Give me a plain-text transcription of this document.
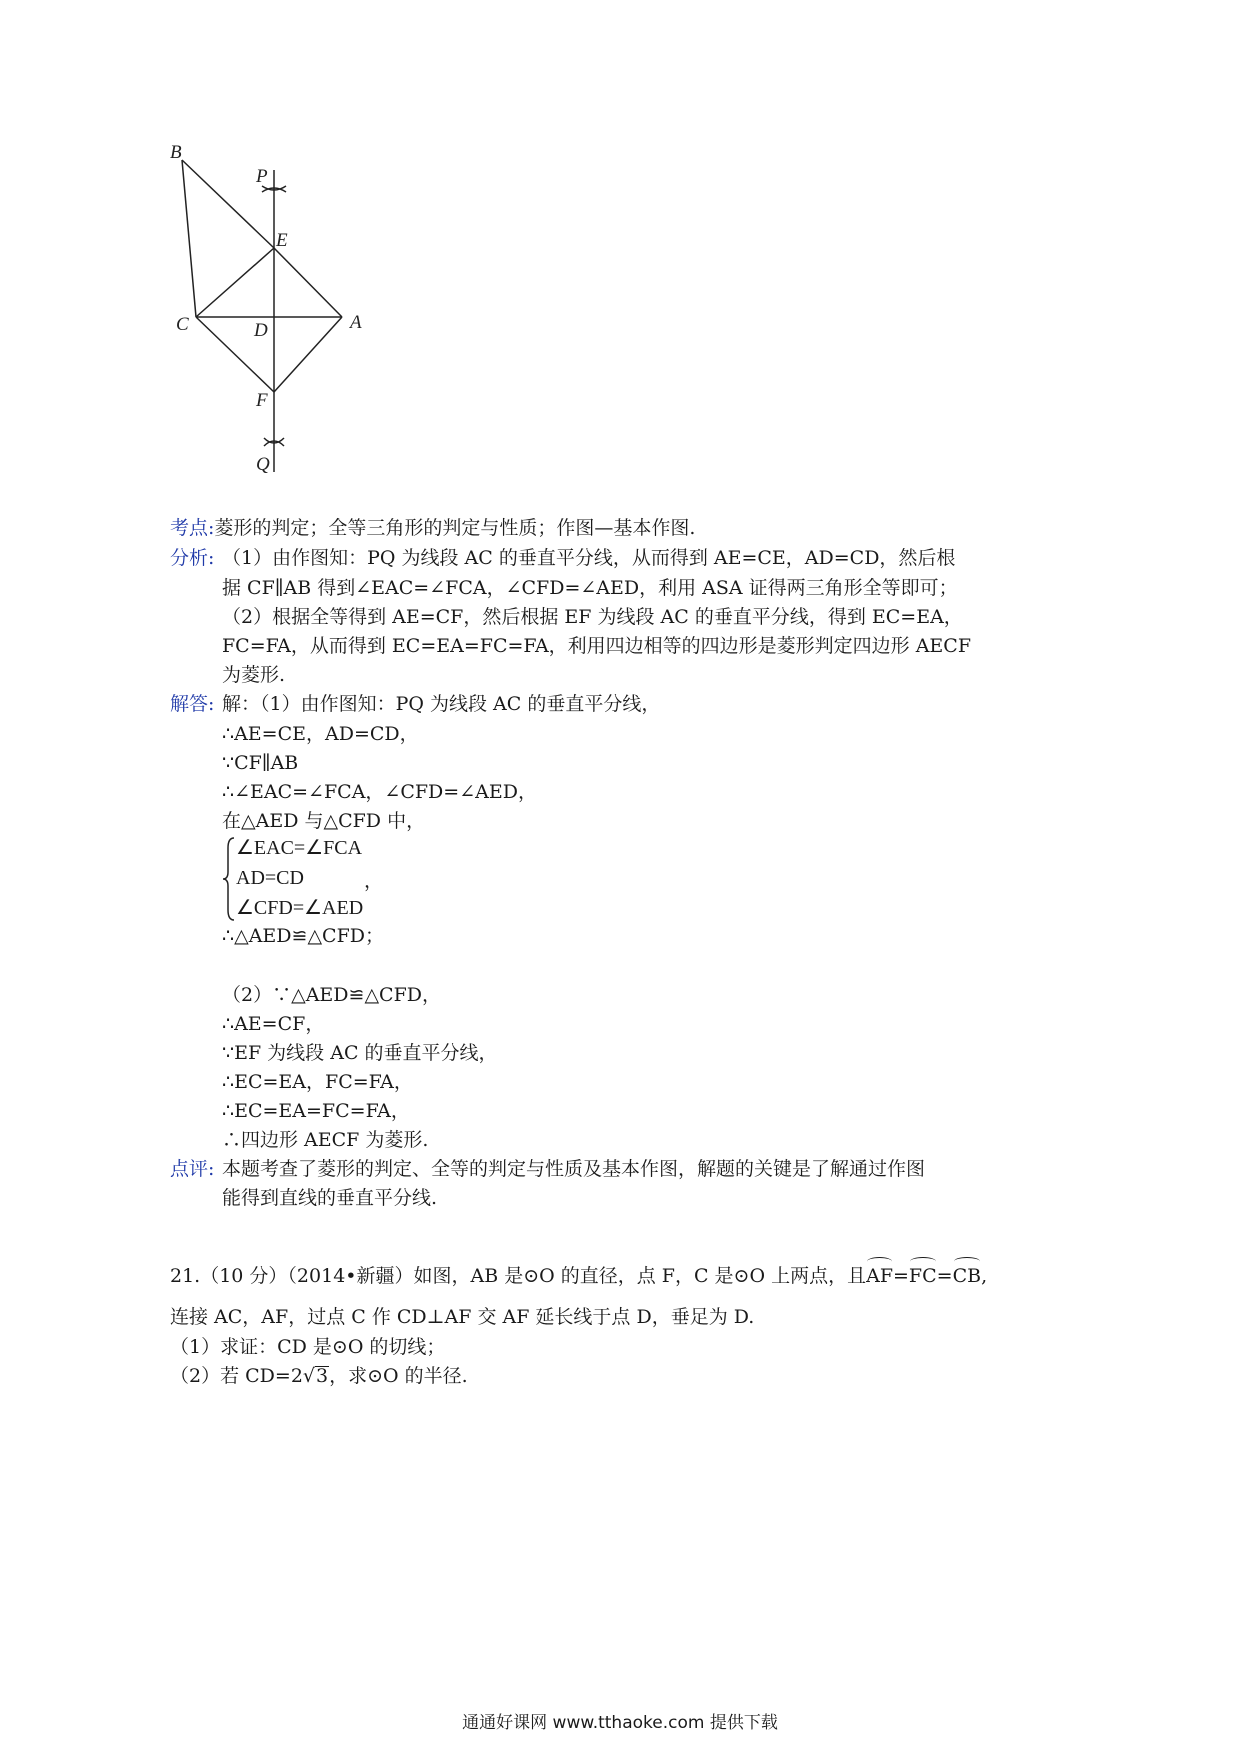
B
P
E
C	D	A
F
Q
考点:菱形的判定；全等三角形的判定与性质；作图—基本作图.
分析: （1）由作图知：PQ 为线段 AC 的垂直平分线，从而得到 AE=CE，AD=CD，然后根
据 CF∥AB 得到∠EAC=∠FCA，∠CFD=∠AED，利用 ASA 证得两三角形全等即可；
（2）根据全等得到 AE=CF，然后根据 EF 为线段 AC 的垂直平分线，得到 EC=EA，
FC=FA，从而得到 EC=EA=FC=FA，利用四边相等的四边形是菱形判定四边形 AECF
为菱形.
解答: 解：（1）由作图知：PQ 为线段 AC 的垂直平分线，
∴AE=CE，AD=CD，
∵CF∥AB
∴∠EAC=∠FCA，∠CFD=∠AED，
在△AED 与△CFD 中，
∠EAC=∠FCA
AD=CD
∠CFD=∠AED
，
∴△AED≌△CFD；
（2）∵△AED≌△CFD，
∴AE=CF，
∵EF 为线段 AC 的垂直平分线，
∴EC=EA，FC=FA，
∴EC=EA=FC=FA，
∴四边形 AECF 为菱形.
点评: 本题考查了菱形的判定、全等的判定与性质及基本作图，解题的关键是了解通过作图
能得到直线的垂直平分线.
21.（10 分）（2014•新疆）如图，AB 是⊙O 的直径，点 F，C 是⊙O 上两点，且AF=FC=CB,
连接 AC，AF，过点 C 作 CD⊥AF 交 AF 延长线于点 D，垂足为 D.
（1）求证：CD 是⊙O 的切线；
（2）若 CD=2√3，求⊙O 的半径.
通通好课网 www.tthaoke.com 提供下载
